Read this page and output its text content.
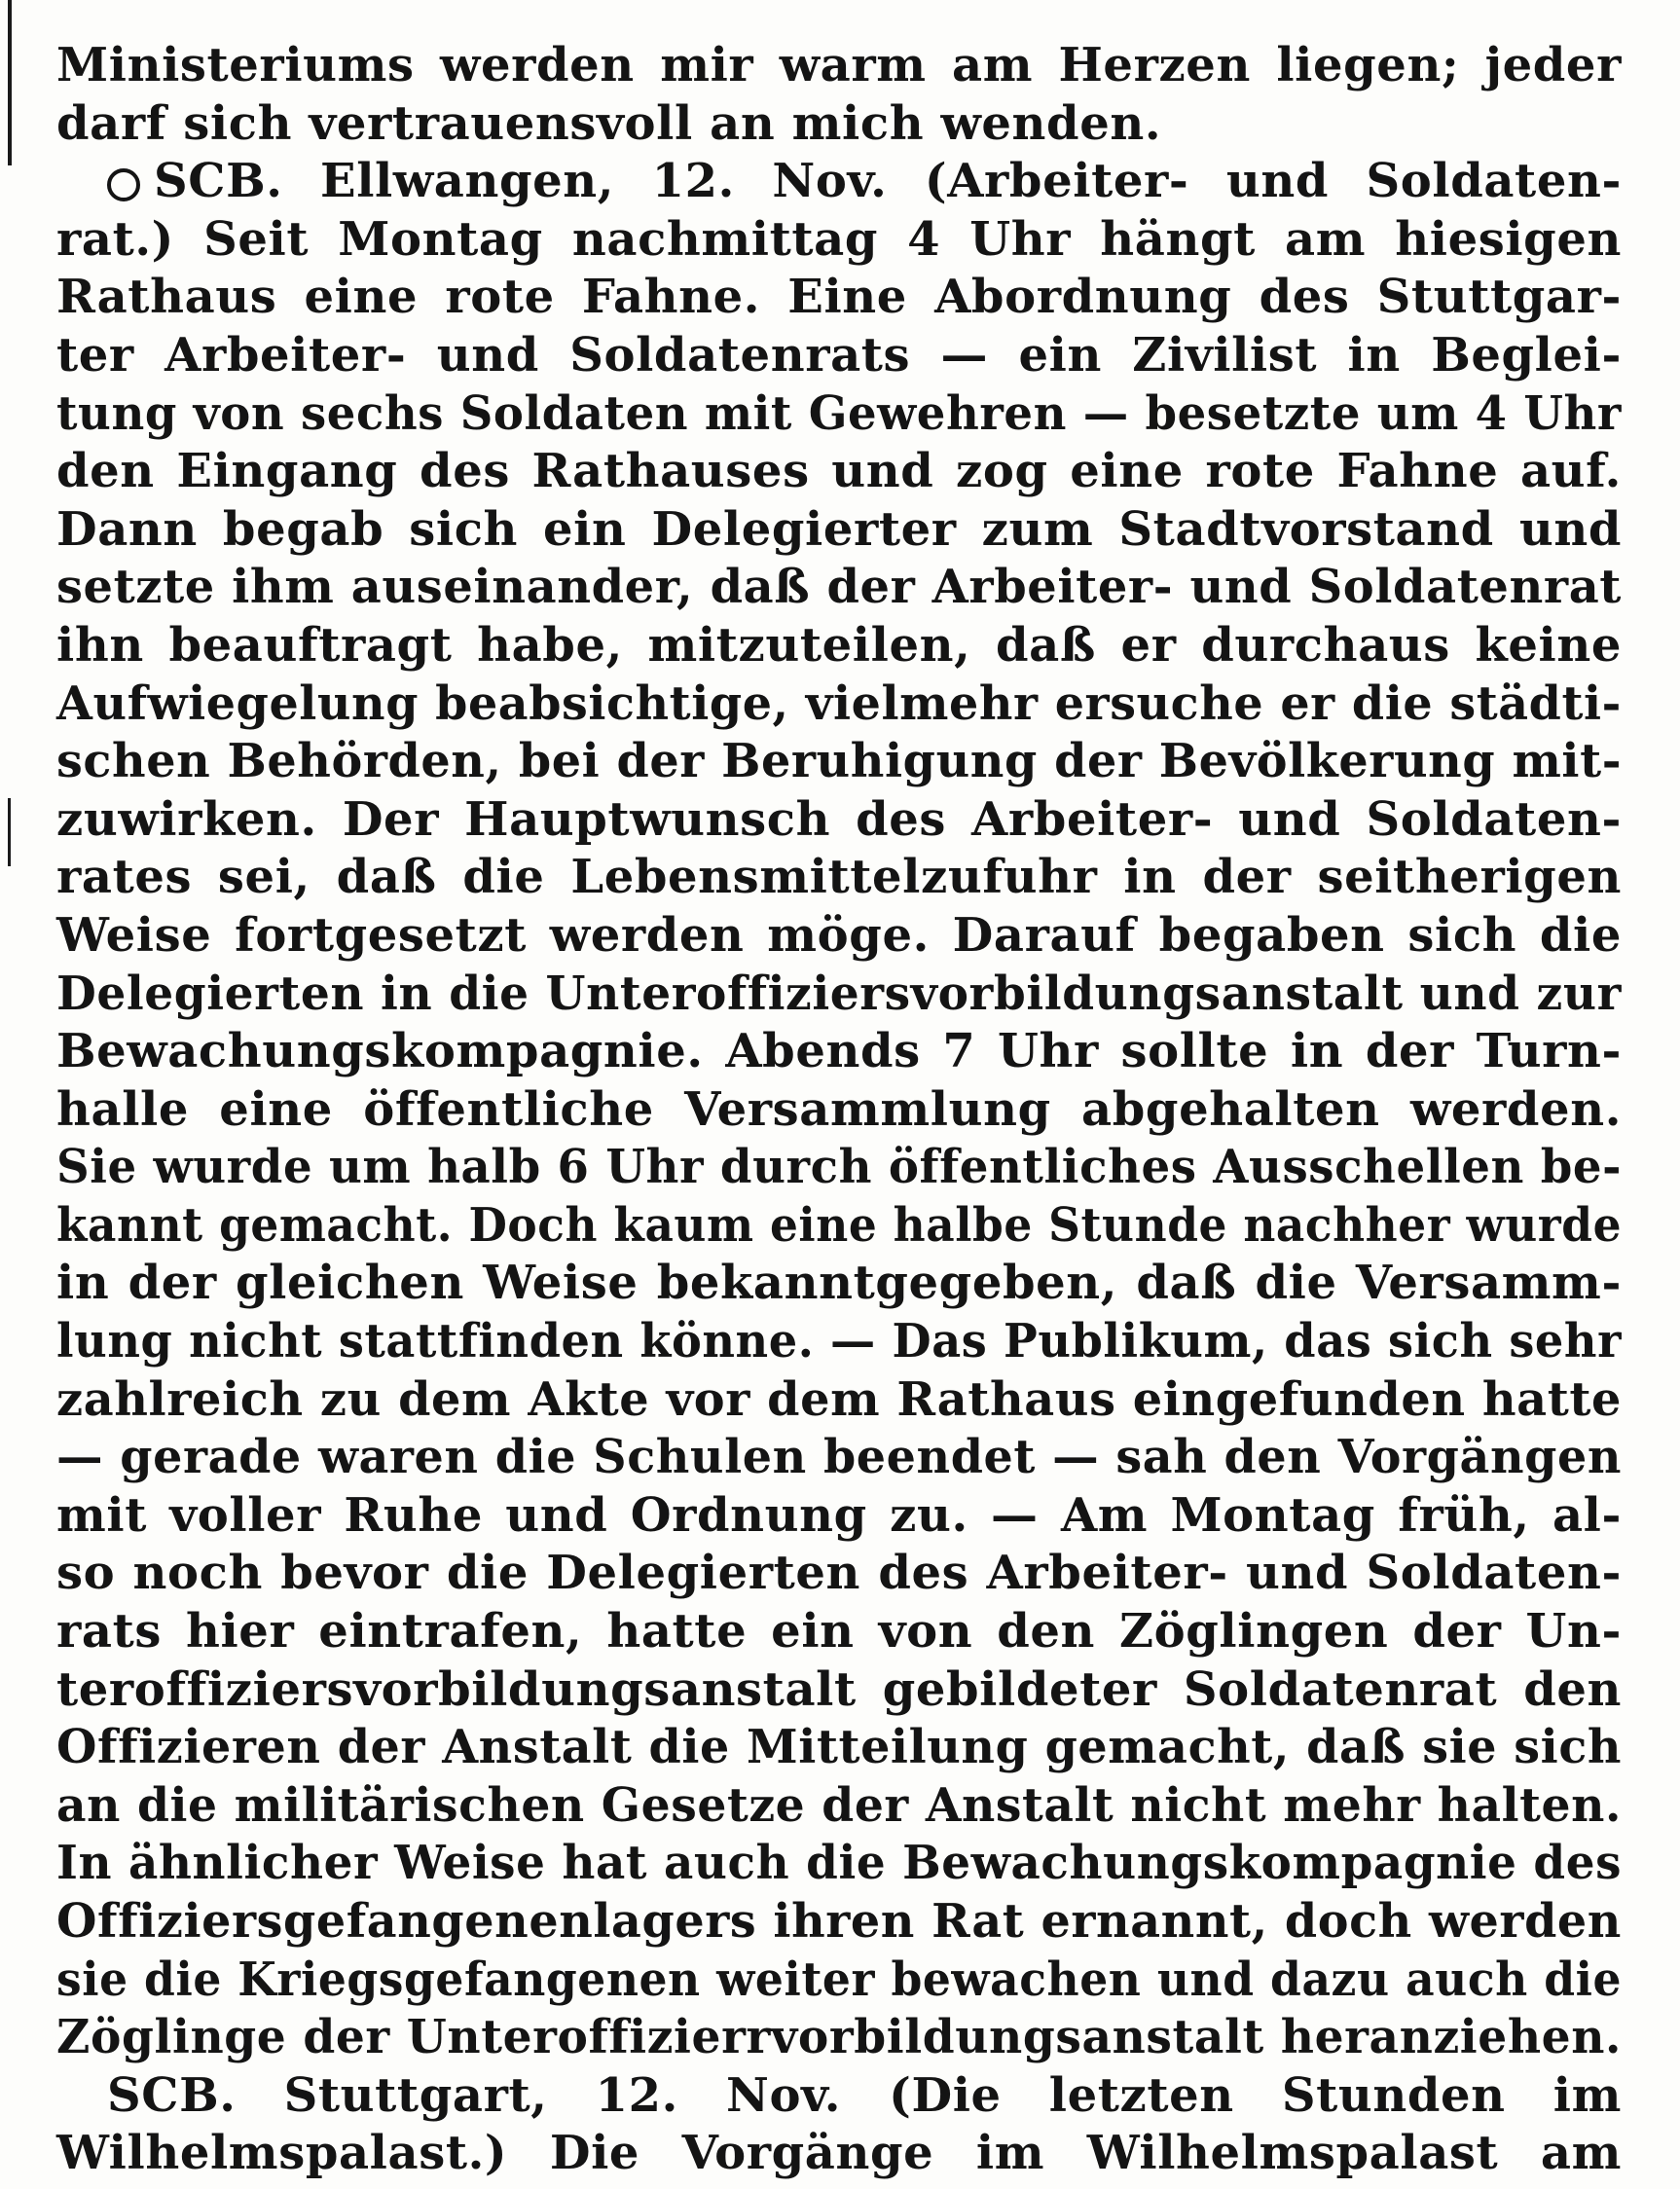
Ministeriums werden mir warm am Herzen liegen; jeder
darf sich vertrauensvoll an mich wenden.
SCB. Ellwangen, 12. Nov. (Arbeiter- und Soldaten-
rat.) Seit Montag nachmittag 4 Uhr hängt am hiesigen
Rathaus eine rote Fahne. Eine Abordnung des Stuttgar-
ter Arbeiter- und Soldatenrats — ein Zivilist in Beglei-
tung von sechs Soldaten mit Gewehren — besetzte um 4 Uhr
den Eingang des Rathauses und zog eine rote Fahne auf.
Dann begab sich ein Delegierter zum Stadtvorstand und
setzte ihm auseinander, daß der Arbeiter- und Soldatenrat
ihn beauftragt habe, mitzuteilen, daß er durchaus keine
Aufwiegelung beabsichtige, vielmehr ersuche er die städti-
schen Behörden, bei der Beruhigung der Bevölkerung mit-
zuwirken. Der Hauptwunsch des Arbeiter- und Soldaten-
rates sei, daß die Lebensmittelzufuhr in der seitherigen
Weise fortgesetzt werden möge. Darauf begaben sich die
Delegierten in die Unteroffiziersvorbildungsanstalt und zur
Bewachungskompagnie. Abends 7 Uhr sollte in der Turn-
halle eine öffentliche Versammlung abgehalten werden.
Sie wurde um halb 6 Uhr durch öffentliches Ausschellen be-
kannt gemacht. Doch kaum eine halbe Stunde nachher wurde
in der gleichen Weise bekanntgegeben, daß die Versamm-
lung nicht stattfinden könne. — Das Publikum, das sich sehr
zahlreich zu dem Akte vor dem Rathaus eingefunden hatte
— gerade waren die Schulen beendet — sah den Vorgängen
mit voller Ruhe und Ordnung zu. — Am Montag früh, al-
so noch bevor die Delegierten des Arbeiter- und Soldaten-
rats hier eintrafen, hatte ein von den Zöglingen der Un-
teroffiziersvorbildungsanstalt gebildeter Soldatenrat den
Offizieren der Anstalt die Mitteilung gemacht, daß sie sich
an die militärischen Gesetze der Anstalt nicht mehr halten.
In ähnlicher Weise hat auch die Bewachungskompagnie des
Offiziersgefangenenlagers ihren Rat ernannt, doch werden
sie die Kriegsgefangenen weiter bewachen und dazu auch die
Zöglinge der Unteroffizierrvorbildungsanstalt heranziehen.
SCB. Stuttgart, 12. Nov. (Die letzten Stunden im
Wilhelmspalast.) Die Vorgänge im Wilhelmspalast am
